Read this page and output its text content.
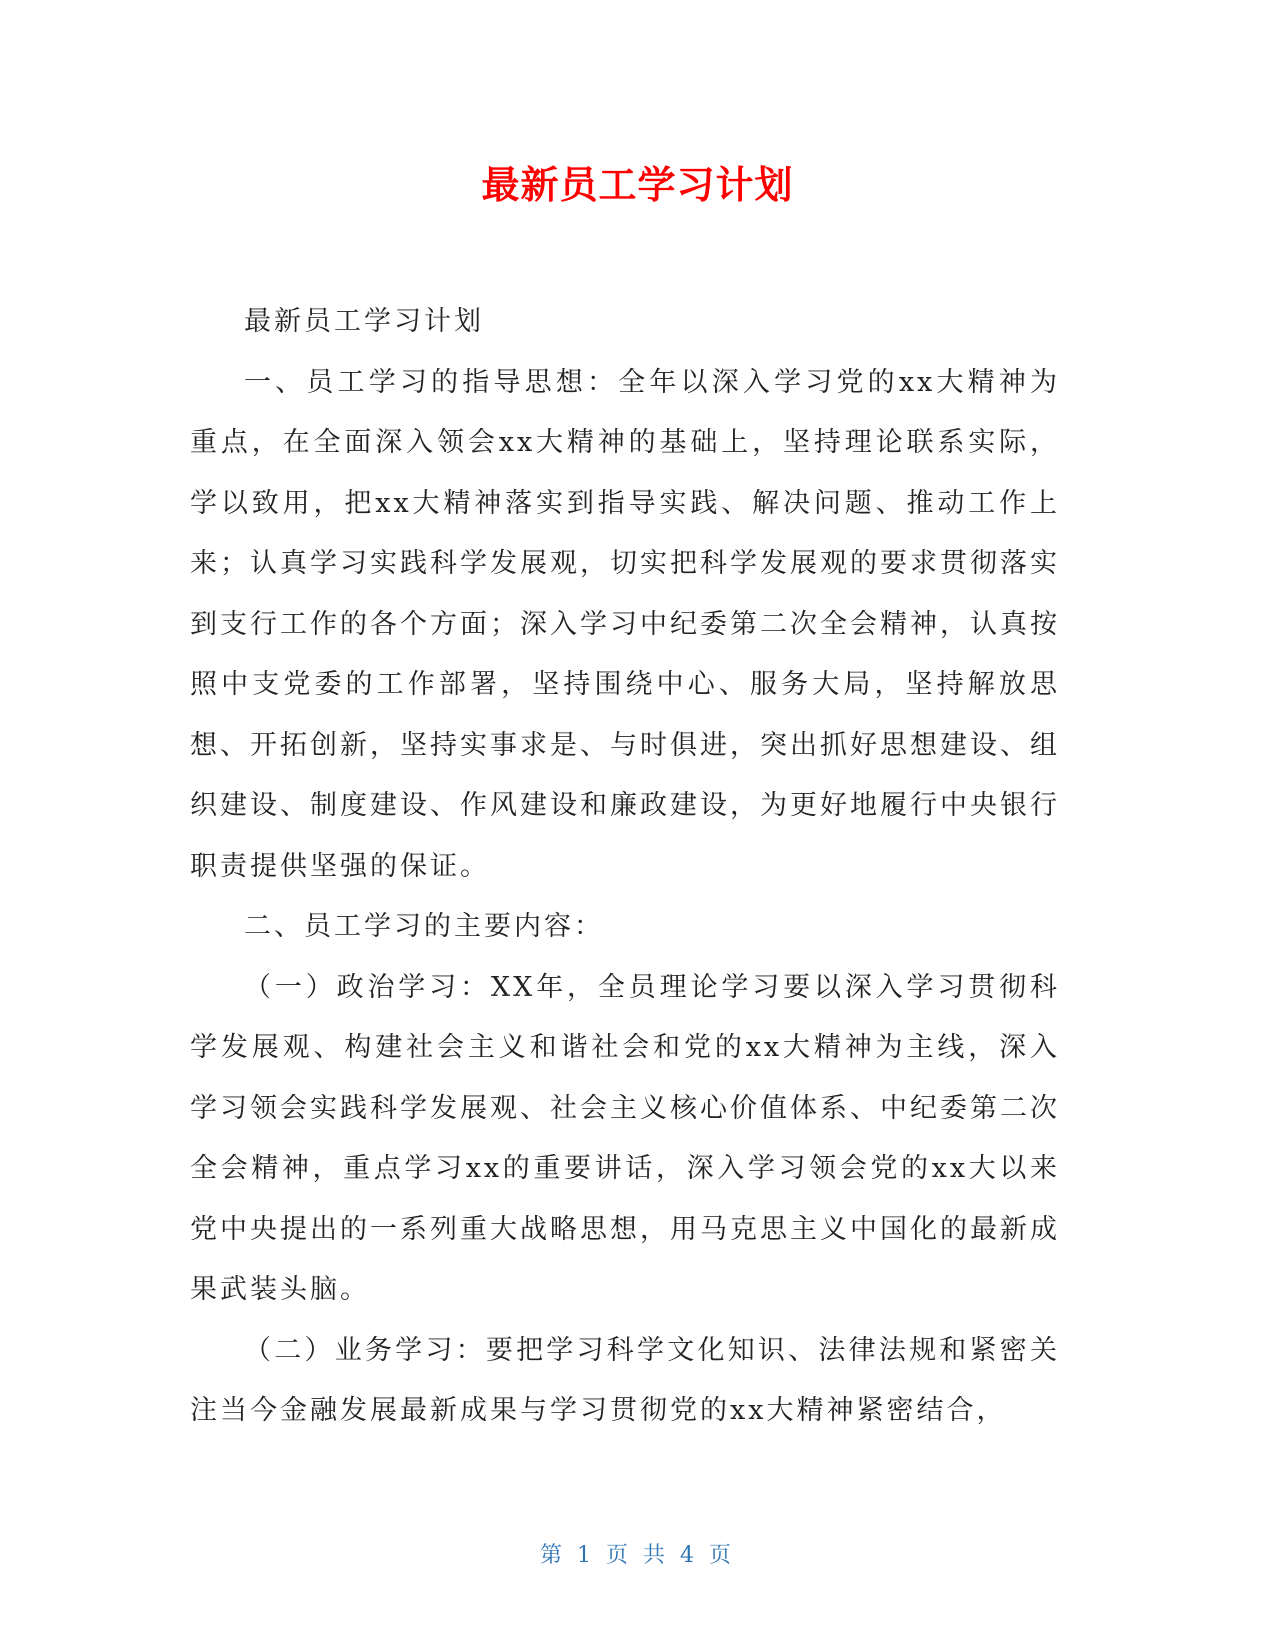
最新员工学习计划

最新员工学习计划

一、员工学习的指导思想：全年以深入学习党的xx大精神为重点，在全面深入领会xx大精神的基础上，坚持理论联系实际，学以致用，把xx大精神落实到指导实践、解决问题、推动工作上来；认真学习实践科学发展观，切实把科学发展观的要求贯彻落实到支行工作的各个方面；深入学习中纪委第二次全会精神，认真按照中支党委的工作部署，坚持围绕中心、服务大局，坚持解放思想、开拓创新，坚持实事求是、与时俱进，突出抓好思想建设、组织建设、制度建设、作风建设和廉政建设，为更好地履行中央银行职责提供坚强的保证。

二、员工学习的主要内容：

（一）政治学习：XX年，全员理论学习要以深入学习贯彻科学发展观、构建社会主义和谐社会和党的xx大精神为主线，深入学习领会实践科学发展观、社会主义核心价值体系、中纪委第二次全会精神，重点学习xx的重要讲话，深入学习领会党的xx大以来党中央提出的一系列重大战略思想，用马克思主义中国化的最新成果武装头脑。

（二）业务学习：要把学习科学文化知识、法律法规和紧密关注当今金融发展最新成果与学习贯彻党的xx大精神紧密结合，

第 1 页 共 4 页
